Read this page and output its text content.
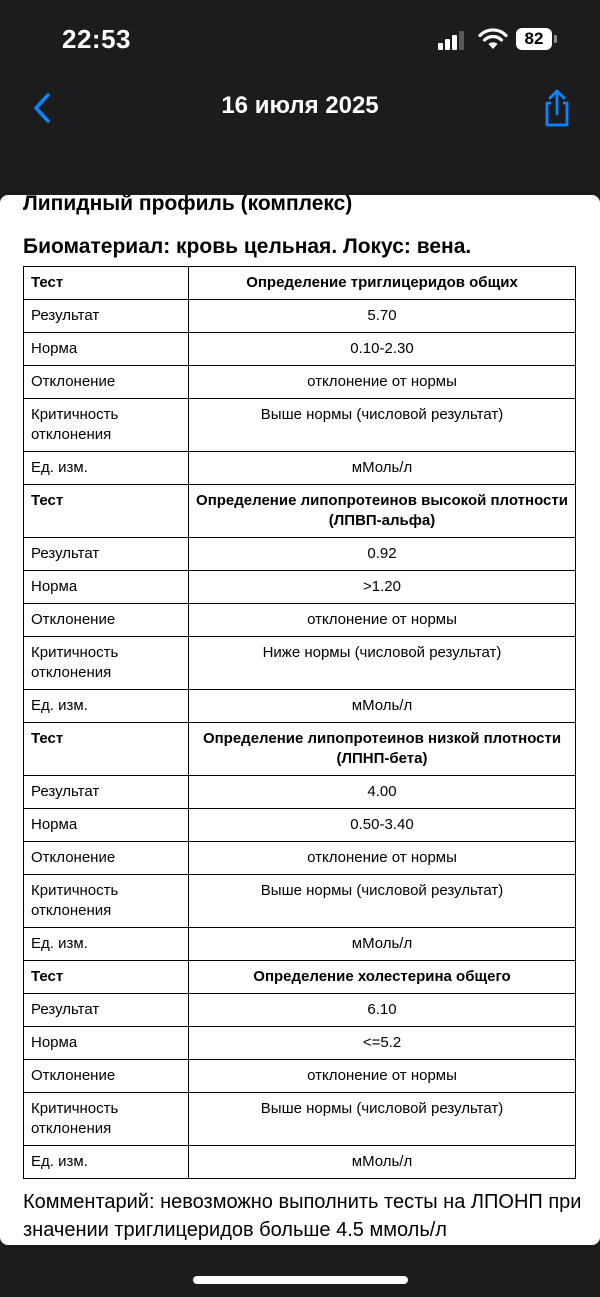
22:53	82
16 июля 2025
Липидный профиль (комплекс)
Биоматериал: кровь цельная. Локус: вена.
Тест	Определение триглицеридов общих
Результат	5.70
Норма	0.10-2.30
Отклонение	отклонение от нормы
Критичность отклонения	Выше нормы (числовой результат)
Ед. изм.	мМоль/л
Тест	Определение липопротеинов высокой плотности (ЛПВП-альфа)
Результат	0.92
Норма	>1.20
Отклонение	отклонение от нормы
Критичность отклонения	Ниже нормы (числовой результат)
Ед. изм.	мМоль/л
Тест	Определение липопротеинов низкой плотности (ЛПНП-бета)
Результат	4.00
Норма	0.50-3.40
Отклонение	отклонение от нормы
Критичность отклонения	Выше нормы (числовой результат)
Ед. изм.	мМоль/л
Тест	Определение холестерина общего
Результат	6.10
Норма	<=5.2
Отклонение	отклонение от нормы
Критичность отклонения	Выше нормы (числовой результат)
Ед. изм.	мМоль/л
Комментарий: невозможно выполнить тесты на ЛПОНП при значении триглицеридов больше 4.5 ммоль/л
